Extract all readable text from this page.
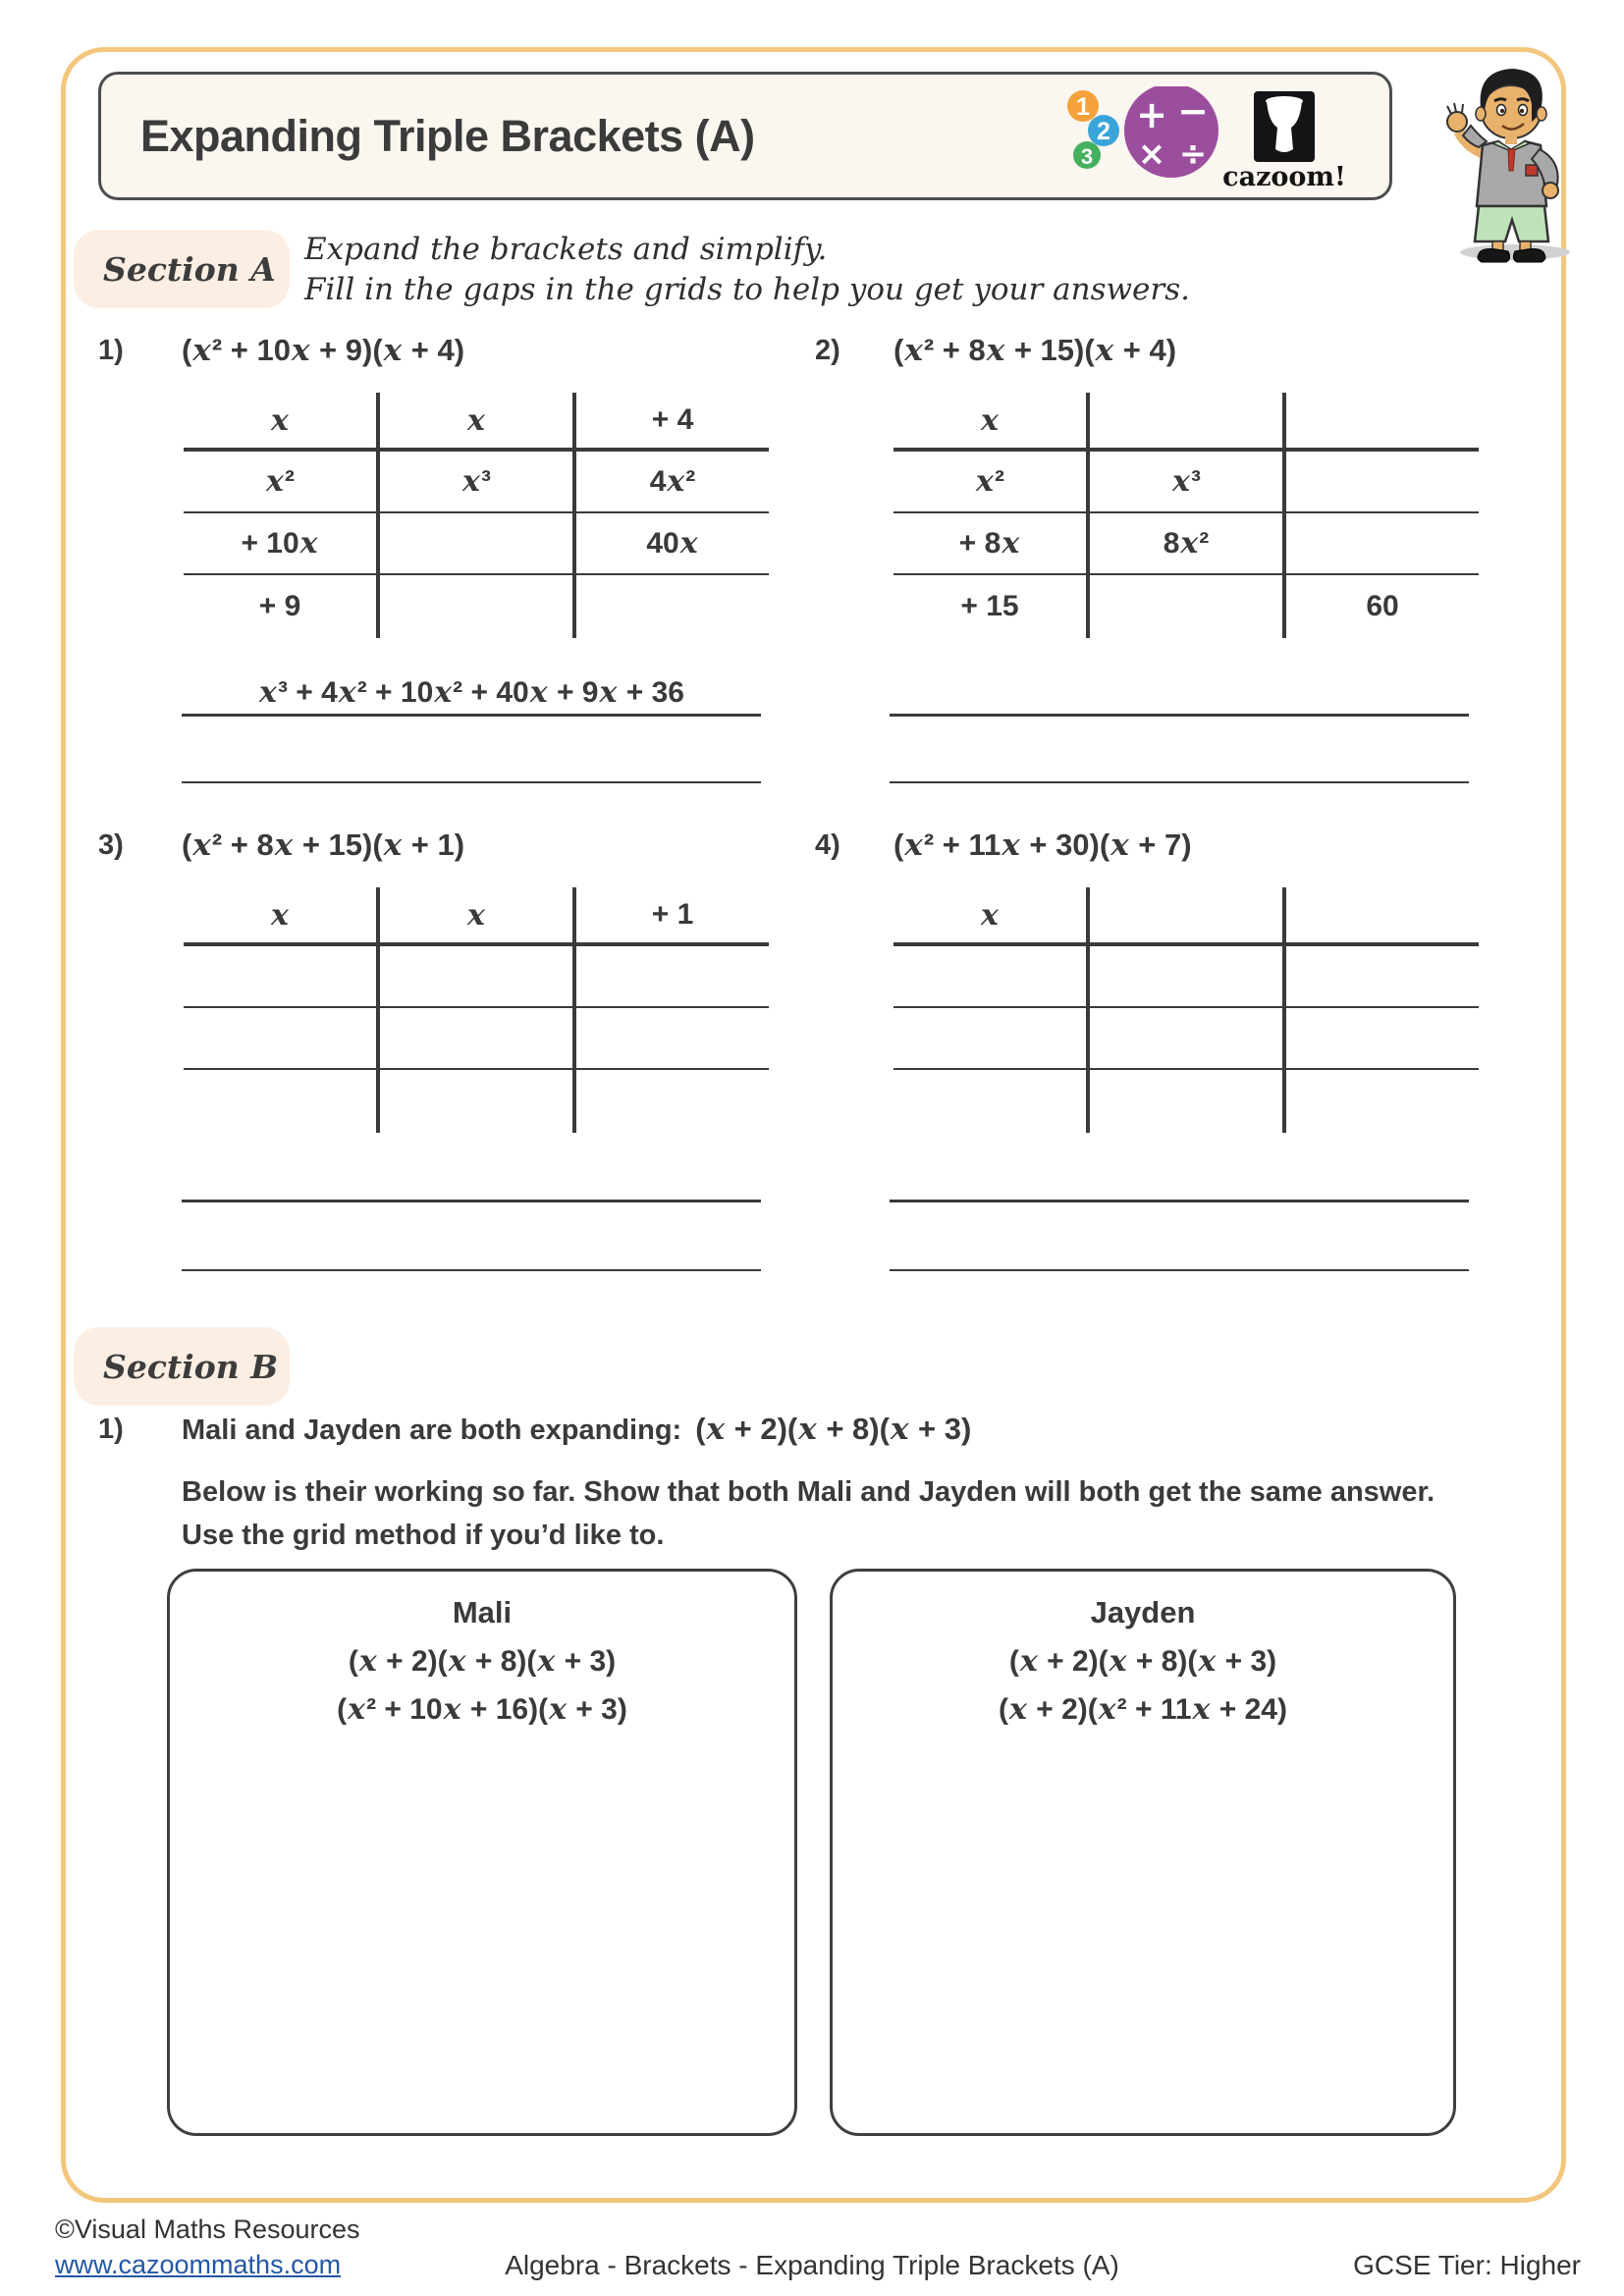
Expanding Triple Brackets (A)
1
2
3
+ −
× ÷
cazoom!
Section A
Expand the brackets and simplify.
Fill in the gaps in the grids to help you get your answers.
1) (x² + 10x + 9)(x + 4)
x	x	+ 4
x²	x³	4x²
+ 10x		40x
+ 9		
x³ + 4x² + 10x² + 40x + 9x + 36
2) (x² + 8x + 15)(x + 4)
x		
x²	x³	
+ 8x	8x²	
+ 15		60
3) (x² + 8x + 15)(x + 1)
x	x	+ 1

4) (x² + 11x + 30)(x + 7)
x		

Section B
1) Mali and Jayden are both expanding: (x + 2)(x + 8)(x + 3)
Below is their working so far. Show that both Mali and Jayden will both get the same answer.
Use the grid method if you’d like to.
Mali
(x + 2)(x + 8)(x + 3)
(x² + 10x + 16)(x + 3)
Jayden
(x + 2)(x + 8)(x + 3)
(x + 2)(x² + 11x + 24)
©Visual Maths Resources
www.cazoommaths.com	Algebra - Brackets - Expanding Triple Brackets (A)	GCSE Tier: Higher
